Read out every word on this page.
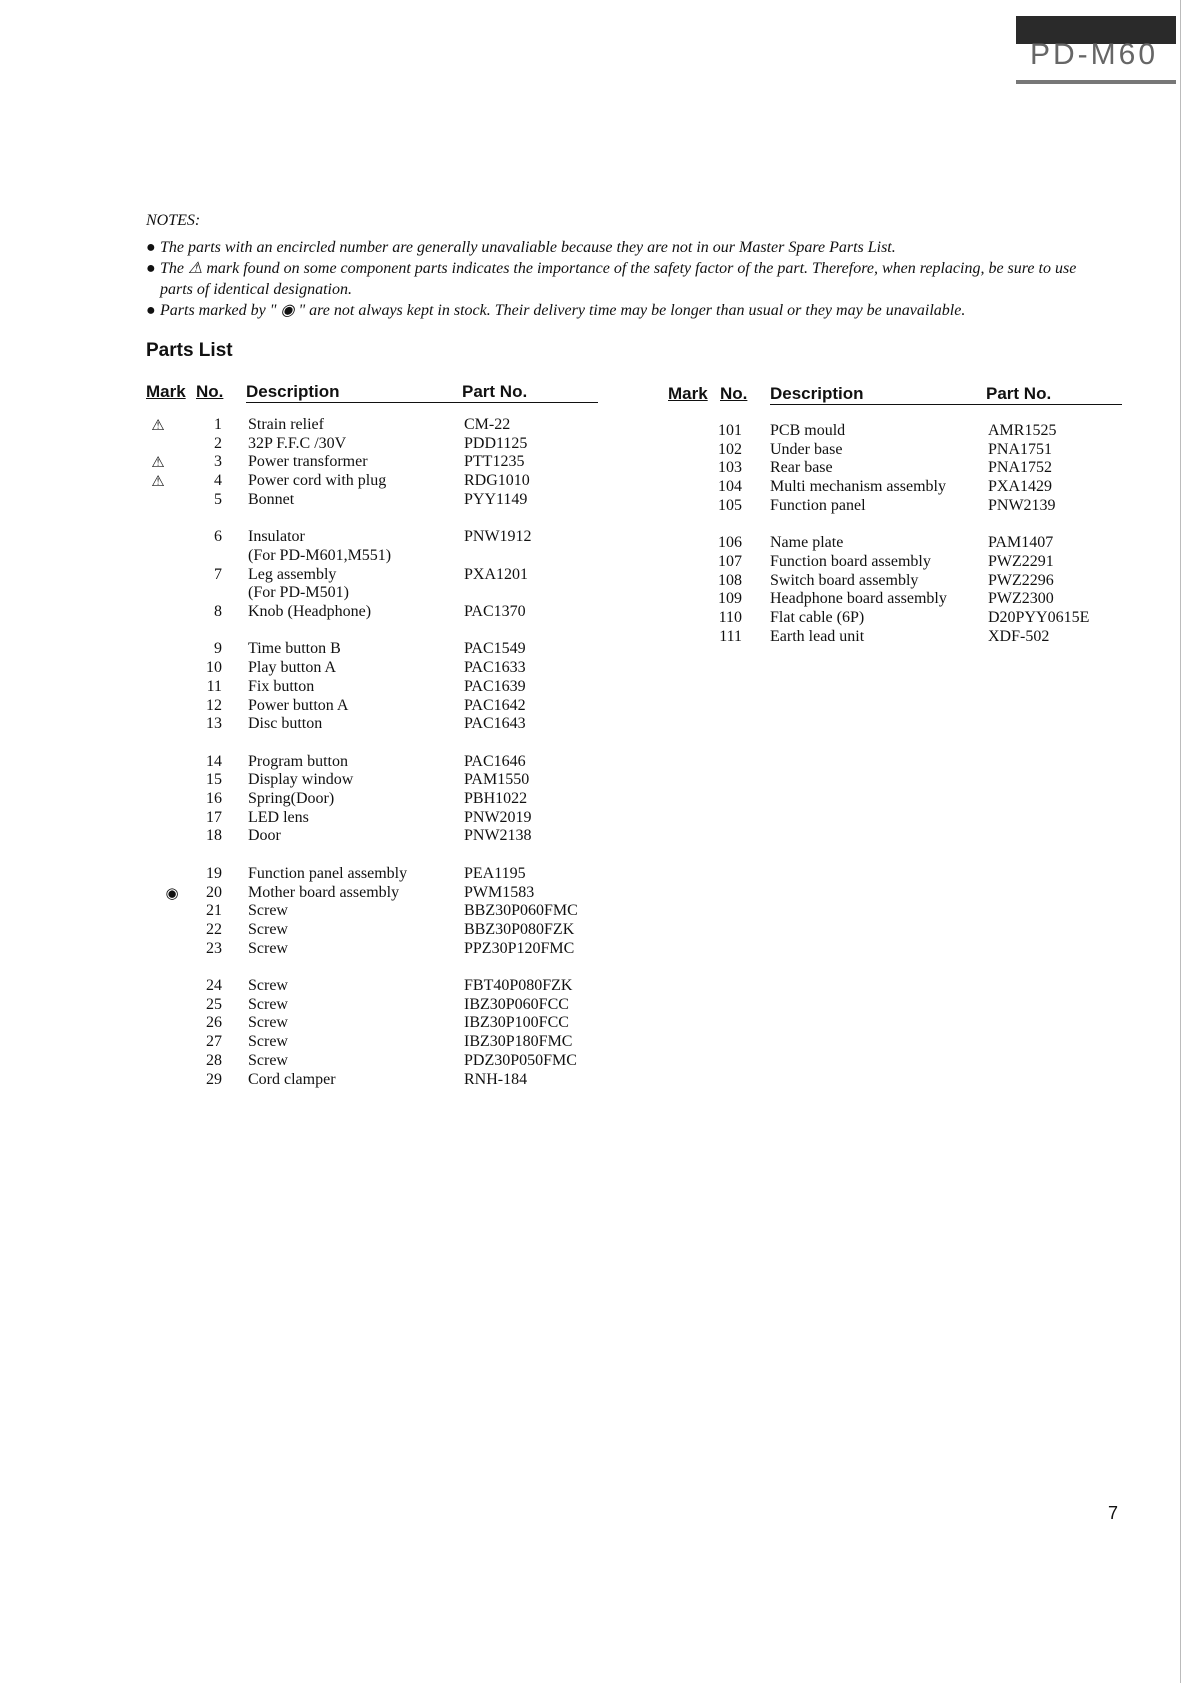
PD-M60
NOTES:
● The parts with an encircled number are generally unavaliable because they are not in our Master Spare Parts List.
● The ⚠ mark found on some component parts indicates the importance of the safety factor of the part. Therefore, when replacing, be sure to use parts of identical designation.
● Parts marked by " ◉ " are not always kept in stock. Their delivery time may be longer than usual or they may be unavailable.
Parts List
Mark No. Description	Part No.
⚠	1 Strain relief	CM-22
2 32P F.F.C /30V	PDD1125
⚠	3 Power transformer	PTT1235
⚠	4 Power cord with plug	RDG1010
5 Bonnet	PYY1149
6 Insulator	PNW1912
(For PD-M601,M551)
7 Leg assembly	PXA1201
(For PD-M501)
8 Knob (Headphone)	PAC1370
9 Time button B	PAC1549
10 Play button A	PAC1633
11 Fix button	PAC1639
12 Power button A	PAC1642
13 Disc button	PAC1643
14 Program button	PAC1646
15 Display window	PAM1550
16 Spring(Door)	PBH1022
17 LED lens	PNW2019
18 Door	PNW2138
19 Function panel assembly	PEA1195
◉	20 Mother board assembly	PWM1583
21 Screw	BBZ30P060FMC
22 Screw	BBZ30P080FZK
23 Screw	PPZ30P120FMC
24 Screw	FBT40P080FZK
25 Screw	IBZ30P060FCC
26 Screw	IBZ30P100FCC
27 Screw	IBZ30P180FMC
28 Screw	PDZ30P050FMC
29 Cord clamper	RNH-184
Mark No. Description	Part No.
101 PCB mould	AMR1525
102 Under base	PNA1751
103 Rear base	PNA1752
104 Multi mechanism assembly	PXA1429
105 Function panel	PNW2139
106 Name plate	PAM1407
107 Function board assembly	PWZ2291
108 Switch board assembly	PWZ2296
109 Headphone board assembly	PWZ2300
110 Flat cable (6P)	D20PYY0615E
111 Earth lead unit	XDF-502
7
